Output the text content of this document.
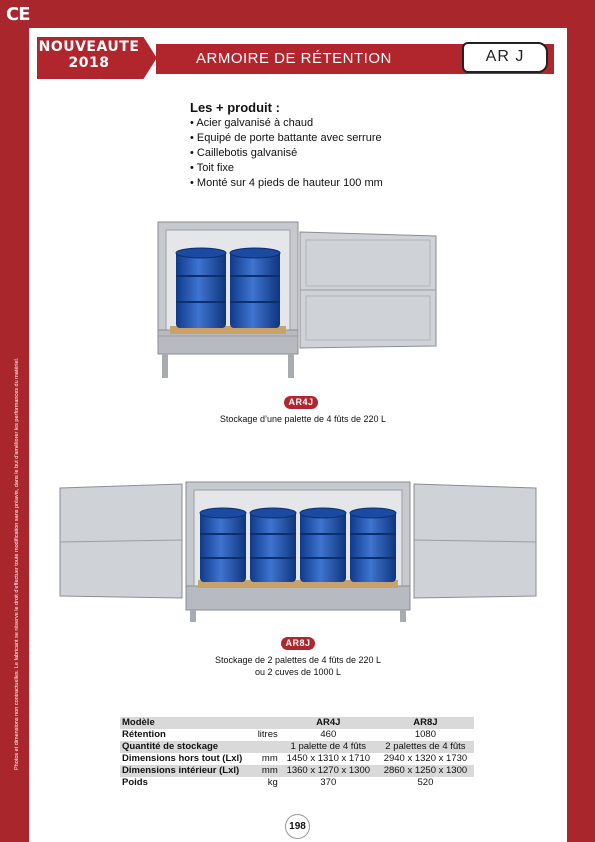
CE
NOUVEAUTE
2018	ARMOIRE DE RÉTENTION	AR J
Les + produit :
• Acier galvanisé à chaud
• Equipé de porte battante avec serrure
• Caillebotis galvanisé
• Toit fixe
• Monté sur 4 pieds de hauteur 100 mm
AR4J
Stockage d’une palette de 4 fûts de 220 L
AR8J
Stockage de 2 palettes de 4 fûts de 220 L
ou 2 cuves de 1000 L
Modèle		AR4J	AR8J
Rétention	litres	460	1080
Quantité de stockage		1 palette de 4 fûts	2 palettes de 4 fûts
Dimensions hors tout (Lxl)	mm	1450 x 1310 x 1710	2940 x 1320 x 1730
Dimensions intérieur (Lxl)	mm	1360 x 1270 x 1300	2860 x 1250 x 1300
Poids	kg	370	520
198
Photos et dimensions non contractuelles. Le fabricant se réserve le droit d'effectuer toute modification sans préavis, dans le but d'améliorer les performances du matériel.
